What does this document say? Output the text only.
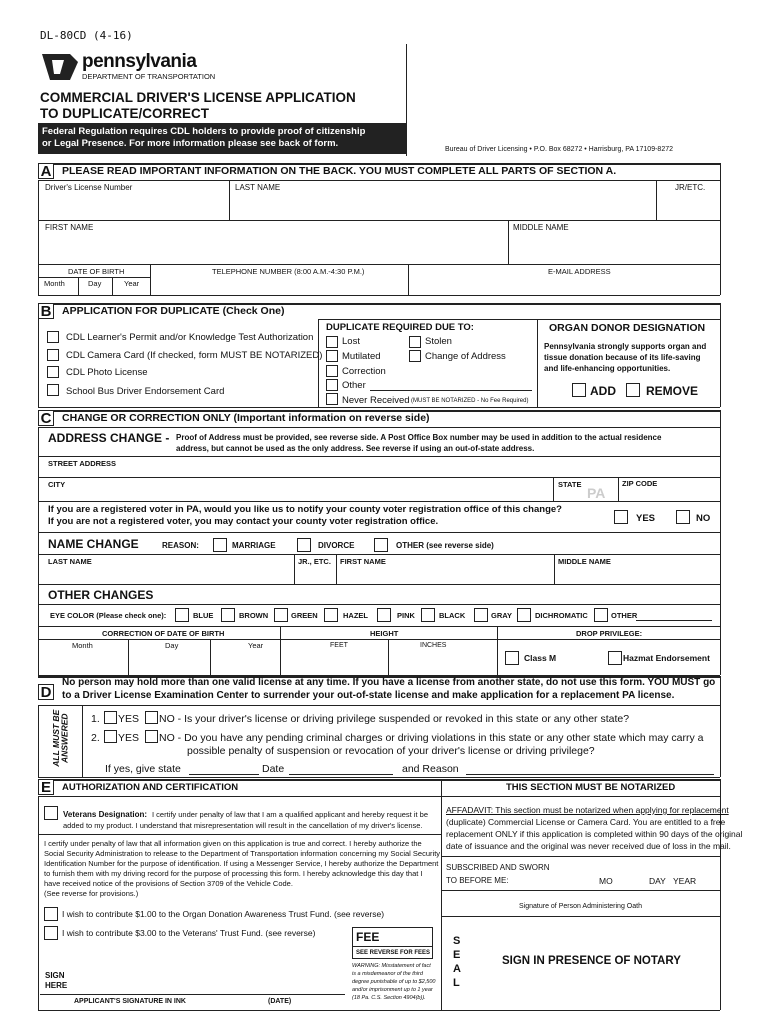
DL-80CD (4-16)
pennsylvania
DEPARTMENT OF TRANSPORTATION
COMMERCIAL DRIVER'S LICENSE APPLICATION
TO DUPLICATE/CORRECT
Federal Regulation requires CDL holders to provide proof of citizenship
or Legal Presence. For more information please see back of form.
Bureau of Driver Licensing • P.O. Box 68272 • Harrisburg, PA 17109-8272
A PLEASE READ IMPORTANT INFORMATION ON THE BACK. YOU MUST COMPLETE ALL PARTS OF SECTION A.
Driver's License Number	LAST NAME	JR/ETC.
FIRST NAME	MIDDLE NAME
DATE OF BIRTH	TELEPHONE NUMBER (8:00 A.M.-4:30 P.M.)	E-MAIL ADDRESS
Month	Day	Year
B APPLICATION FOR DUPLICATE (Check One)
CDL Learner's Permit and/or Knowledge Test Authorization
CDL Camera Card (If checked, form MUST BE NOTARIZED)
CDL Photo License
School Bus Driver Endorsement Card
DUPLICATE REQUIRED DUE TO:
Lost	Stolen
Mutilated	Change of Address
Correction
Other
Never Received (MUST BE NOTARIZED - No Fee Required)
ORGAN DONOR DESIGNATION
Pennsylvania strongly supports organ and
tissue donation because of its life-saving
and life-enhancing opportunities.
ADD	REMOVE
C CHANGE OR CORRECTION ONLY (Important information on reverse side)
ADDRESS CHANGE - Proof of Address must be provided, see reverse side. A Post Office Box number may be used in addition to the actual residence
address, but cannot be used as the only address. See reverse if using an out-of-state address.
STREET ADDRESS
CITY	STATE
PA
ZIP CODE
If you are a registered voter in PA, would you like us to notify your county voter registration office of this change?
If you are not a registered voter, you may contact your county voter registration office.	YES	NO
NAME CHANGE	REASON:	MARRIAGE	DIVORCE	OTHER (see reverse side)
LAST NAME	JR., ETC. FIRST NAME	MIDDLE NAME
OTHER CHANGES
EYE COLOR (Please check one):	BLUE	BROWN	GREEN	HAZEL	PINK	BLACK	GRAY	DICHROMATIC	OTHER
CORRECTION OF DATE OF BIRTH	HEIGHT	DROP PRIVILEGE:
Month	Day	Year	FEET	INCHES
Class M	Hazmat Endorsement
D
No person may hold more than one valid license at any time. If you have a license from another state, do not use this form. YOU MUST go
to a Driver License Examination Center to surrender your out-of-state license and make application for a replacement PA license.
ALL MUST BE
ANSWERED 1. YES NO - Is your driver's license or driving privilege suspended or revoked in this state or any other state?
2. YES NO - Do you have any pending criminal charges or driving violations in this state or any other state which may carry a
possible penalty of suspension or revocation of your driver's license or driving privilege?
If yes, give state	Date	and Reason
E	AUTHORIZATION AND CERTIFICATION	THIS SECTION MUST BE NOTARIZED
Veterans Designation: I certify under penalty of law that I am a qualified applicant and hereby request it be
added to my product. I understand that misrepresentation will result in the cancellation of my driver's license.
I certify under penalty of law that all information given on this application is true and correct. I hereby authorize the
Social Security Administration to release to the Department of Transportation information concerning my Social Security
Identification Number for the purpose of identification. If using a Messenger Service, I hereby authorize the Department
to furnish them with my driving record for the purpose of processing this form. I hereby acknowledge this day that I
have received notice of the provisions of Section 3709 of the Vehicle Code.
(See reverse for provisions.)
I wish to contribute $1.00 to the Organ Donation Awareness Trust Fund. (see reverse)
I wish to contribute $3.00 to the Veterans' Trust Fund. (see reverse)	FEE
SEE REVERSE FOR FEES
WARNING: Misstatement of fact
is a misdemeanor of the third
degree punishable of up to $2,500
and/or imprisonment up to 1 year
(18 Pa. C.S. Section 4904(b)).
SIGN
HERE
APPLICANT'S SIGNATURE IN INK	(DATE)
AFFADAVIT: This section must be notarized when applying for replacement
(duplicate) Commercial License or Camera Card. You are entitled to a free
replacement ONLY if this application is completed within 90 days of the original
date of issuance and the original was never received due of loss in the mail.
SUBSCRIBED AND SWORN
TO BEFORE ME:	MO	DAY YEAR
Signature of Person Administering Oath
S
E
A
L
SIGN IN PRESENCE OF NOTARY
